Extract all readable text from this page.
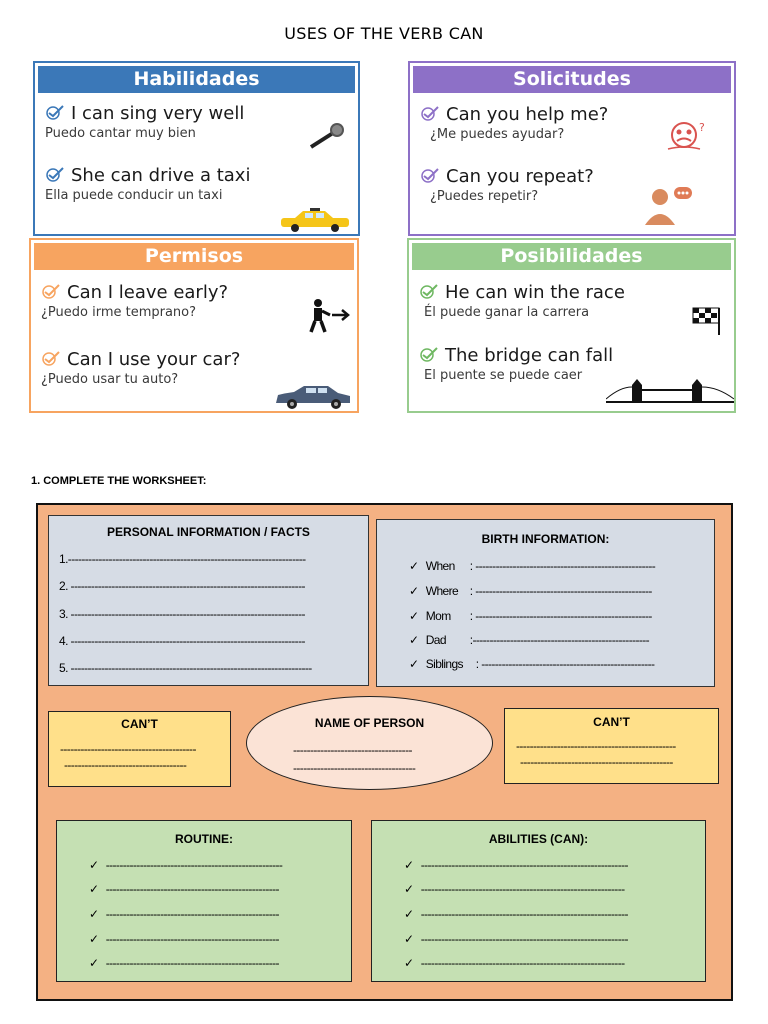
USES OF THE VERB CAN
Habilidades
I can sing very well
Puedo cantar muy bien
She can drive a taxi
Ella puede conducir un taxi
Solicitudes
Can you help me?
¿Me puedes ayudar?
Can you repeat?
¿Puedes repetir?
?
Permisos
Can I leave early?
¿Puedo irme temprano?
Can I use your car?
¿Puedo usar tu auto?
Posibilidades
He can win the race
Él puede ganar la carrera
The bridge can fall
El puente se puede caer
1. COMPLETE THE WORKSHEET:
PERSONAL INFORMATION / FACTS
1.----------------------------------------------------------------------
2. ---------------------------------------------------------------------
3. ---------------------------------------------------------------------
4. ---------------------------------------------------------------------
5. -----------------------------------------------------------------------
BIRTH INFORMATION:
✓ When : -----------------------------------------------------
✓ Where : ----------------------------------------------------
✓ Mom : ----------------------------------------------------
✓ Dad :----------------------------------------------------
✓ Siblings : ---------------------------------------------------
CAN’T
----------------------------------------
------------------------------------
NAME OF PERSON
-----------------------------------
------------------------------------
CAN’T
-----------------------------------------------
---------------------------------------------
ROUTINE:
✓ ----------------------------------------------------
✓ ---------------------------------------------------
✓ ---------------------------------------------------
✓ ---------------------------------------------------
✓ ---------------------------------------------------
ABILITIES (CAN):
✓ -------------------------------------------------------------
✓ ------------------------------------------------------------
✓ -------------------------------------------------------------
✓ -------------------------------------------------------------
✓ ------------------------------------------------------------
